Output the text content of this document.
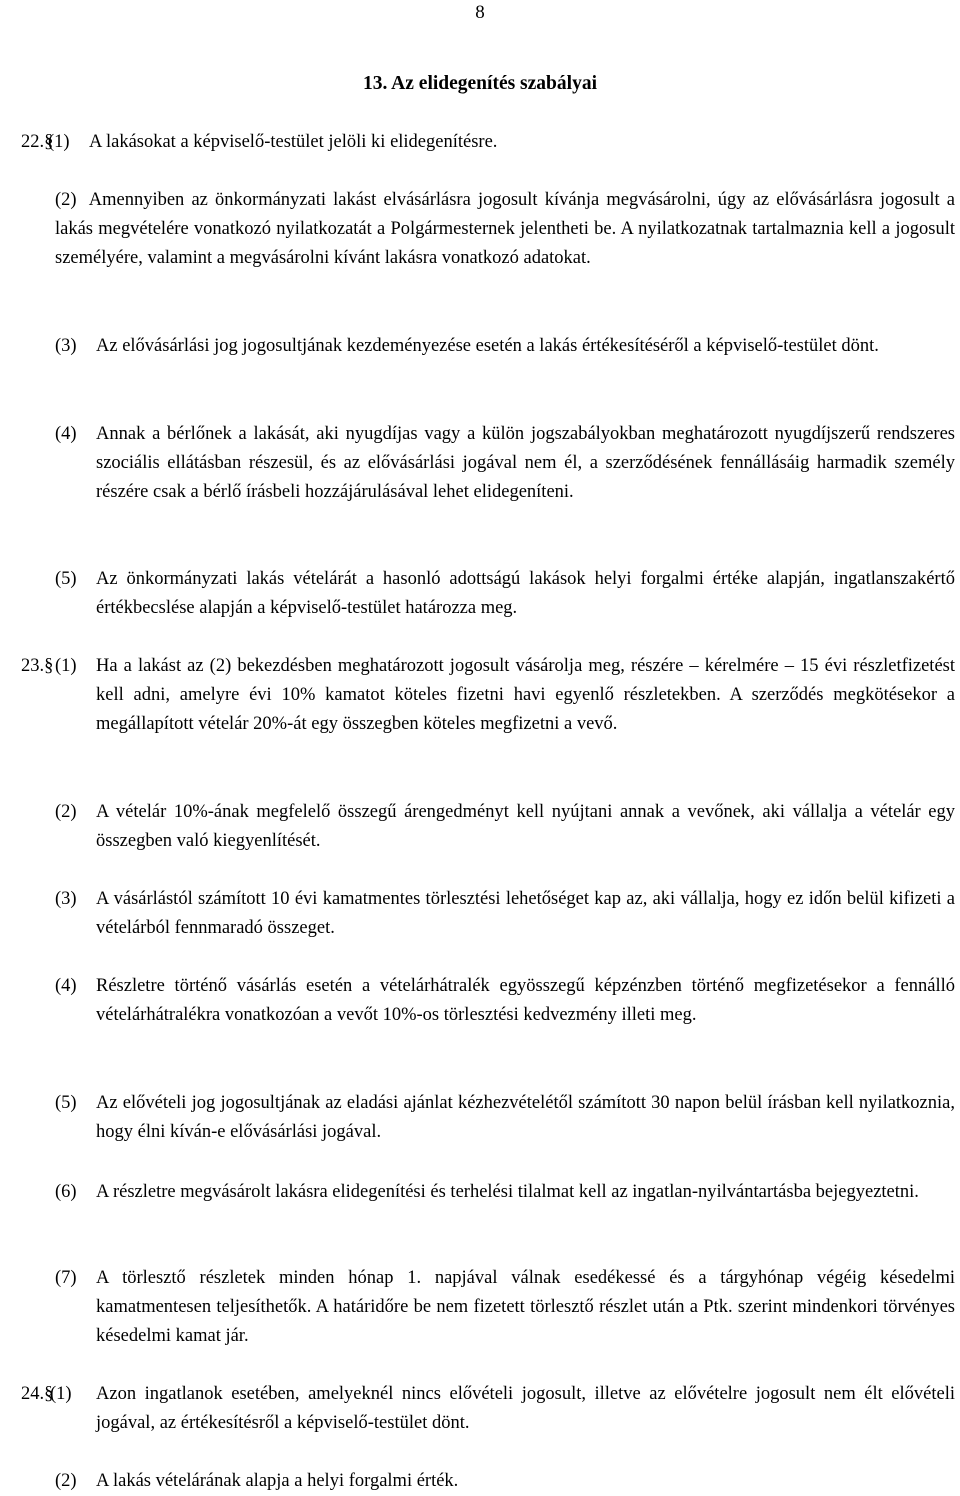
8
13. Az elidegenítés szabályai
22.§
(1)	A lakásokat a képviselő-testület jelöli ki elidegenítésre.
(2) Amennyiben az önkormányzati lakást elvásárlásra jogosult kívánja megvásárolni, úgy az elővásárlásra jogosult a lakás megvételére vonatkozó nyilatkozatát a Polgármesternek jelentheti be. A nyilatkozatnak tartalmaznia kell a jogosult személyére, valamint a megvásárolni kívánt lakásra vonatkozó adatokat.
(3)	Az elővásárlási jog jogosultjának kezdeményezése esetén a lakás értékesítéséről a képviselő-testület dönt.
(4)	Annak a bérlőnek a lakását, aki nyugdíjas vagy a külön jogszabályokban meghatározott nyugdíjszerű rendszeres szociális ellátásban részesül, és az elővásárlási jogával nem él, a szerződésének fennállásáig harmadik személy részére csak a bérlő írásbeli hozzájárulásával lehet elidegeníteni.
(5)	Az önkormányzati lakás vételárát a hasonló adottságú lakások helyi forgalmi értéke alapján, ingatlanszakértő értékbecslése alapján a képviselő-testület határozza meg.
23.§ (1)	Ha a lakást az (2) bekezdésben meghatározott jogosult vásárolja meg, részére – kérelmére – 15 évi részletfizetést kell adni, amelyre évi 10% kamatot köteles fizetni havi egyenlő részletekben. A szerződés megkötésekor a megállapított vételár 20%-át egy összegben köteles megfizetni a vevő.
(2)	A vételár 10%-ának megfelelő összegű árengedményt kell nyújtani annak a vevőnek, aki vállalja a vételár egy összegben való kiegyenlítését.
(3)	A vásárlástól számított 10 évi kamatmentes törlesztési lehetőséget kap az, aki vállalja, hogy ez időn belül kifizeti a vételárból fennmaradó összeget.
(4)	Részletre történő vásárlás esetén a vételárhátralék egyösszegű képzénzben történő megfizetésekor a fennálló vételárhátralékra vonatkozóan a vevőt 10%-os törlesztési kedvezmény illeti meg.
(5)	Az elővételi jog jogosultjának az eladási ajánlat kézhezvételétől számított 30 napon belül írásban kell nyilatkoznia, hogy élni kíván-e elővásárlási jogával.
(6)	A részletre megvásárolt lakásra elidegenítési és terhelési tilalmat kell az ingatlan-nyilvántartásba bejegyeztetni.
(7)	A törlesztő részletek minden hónap 1. napjával válnak esedékessé és a tárgyhónap végéig késedelmi kamatmentesen teljesíthetők. A határidőre be nem fizetett törlesztő részlet után a Ptk. szerint mindenkori törvényes késedelmi kamat jár.
24.§
(1)	Azon ingatlanok esetében, amelyeknél nincs elővételi jogosult, illetve az elővételre jogosult nem élt elővételi jogával, az értékesítésről a képviselő-testület dönt.
(2)	A lakás vételárának alapja a helyi forgalmi érték.
